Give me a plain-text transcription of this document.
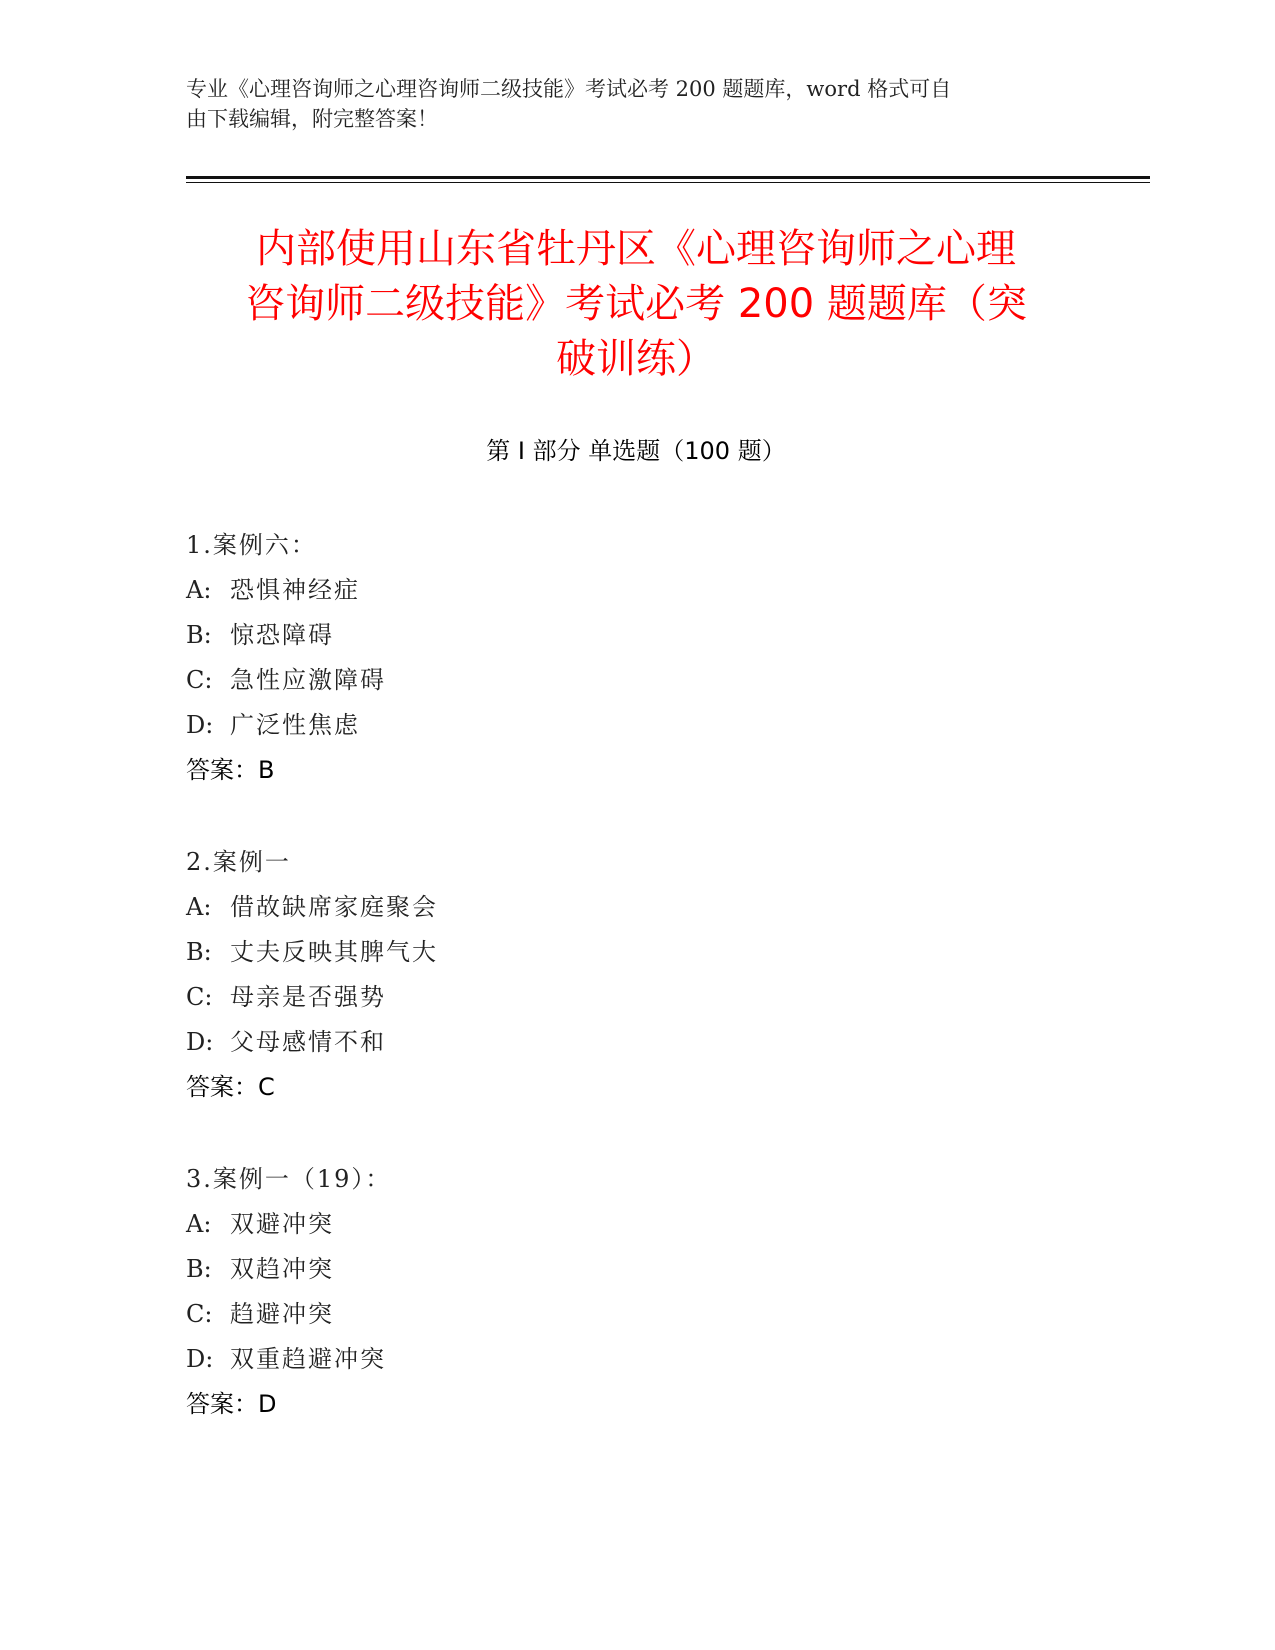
专业《心理咨询师之心理咨询师二级技能》考试必考 200 题题库，word 格式可自
由下载编辑，附完整答案！

内部使用山东省牡丹区《心理咨询师之心理
咨询师二级技能》考试必考 200 题题库（突
破训练）
第 I 部分 单选题（100 题）
1.案例六：
A: 恐惧神经症
B: 惊恐障碍
C: 急性应激障碍
D: 广泛性焦虑
答案：B
2.案例一
A: 借故缺席家庭聚会
B: 丈夫反映其脾气大
C: 母亲是否强势
D: 父母感情不和
答案：C
3.案例一（19）：
A: 双避冲突
B: 双趋冲突
C: 趋避冲突
D: 双重趋避冲突
答案：D
